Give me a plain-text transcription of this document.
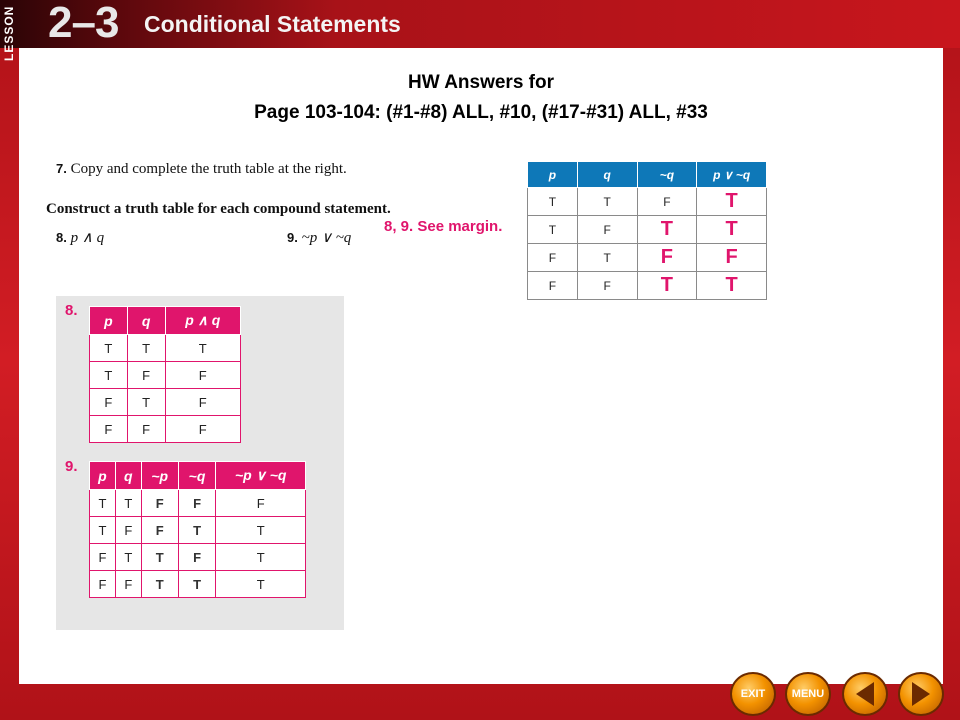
LESSON 2–3 Conditional Statements
HW Answers for
Page 103-104: (#1-#8) ALL, #10, (#17-#31) ALL, #33
7. Copy and complete the truth table at the right.
Construct a truth table for each compound statement.
8. p ∧ q	9. ~p ∨ ~q
8, 9. See margin.
p	q	~q	p ∨ ~q
T	T	F	T
T	F	T	T
F	T	F	F
F	F	T	T
8.
p	q	p ∧ q
T	T	T
T	F	F
F	T	F
F	F	F
9.
p	q	~p	~q	~p ∨ ~q
T	T	F	F	F
T	F	F	T	T
F	T	T	F	T
F	F	T	T	T
EXIT MENU
